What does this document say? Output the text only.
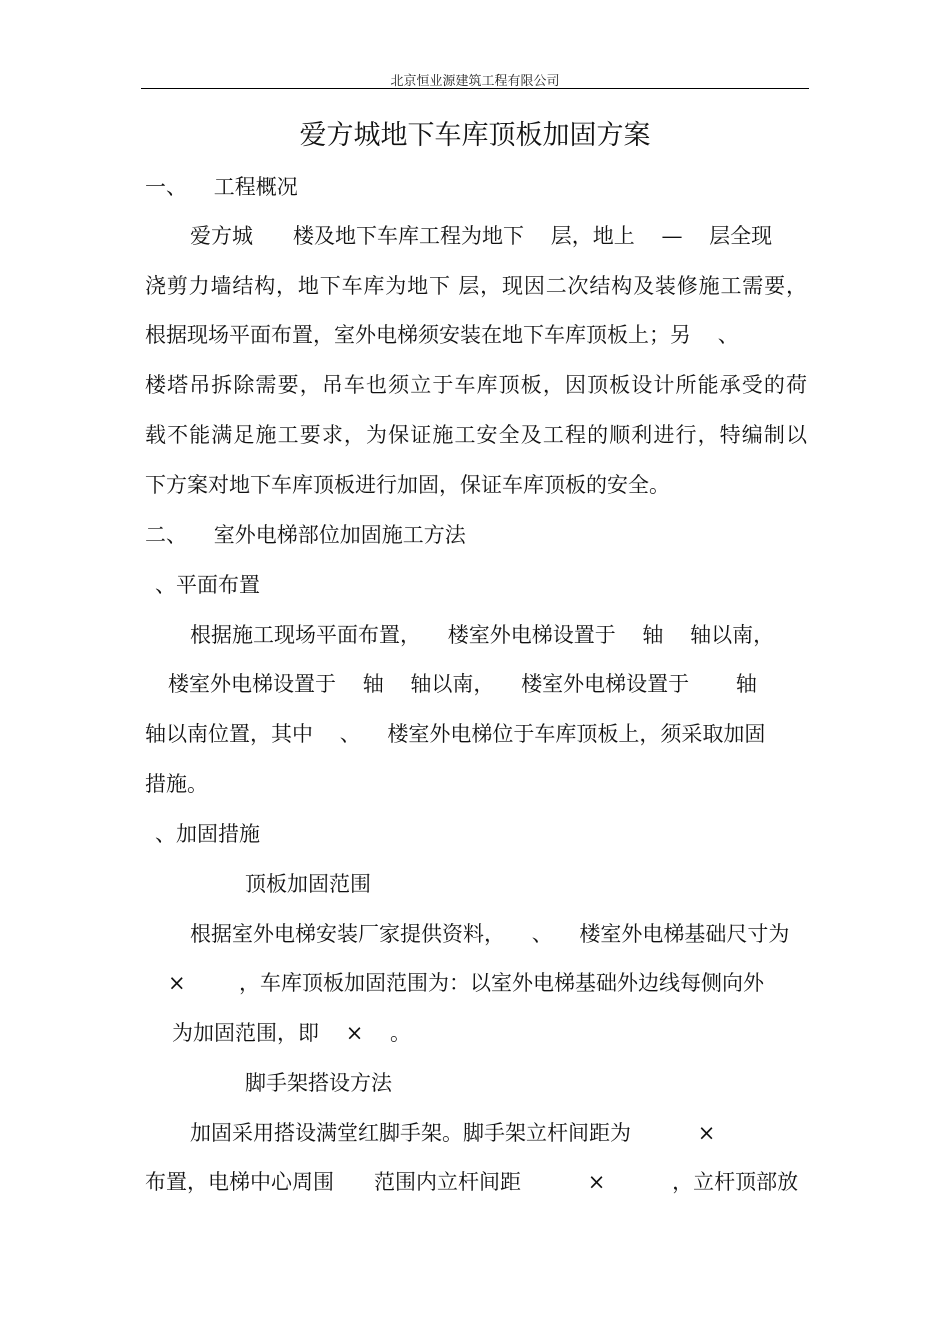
北京恒业源建筑工程有限公司
爱方城地下车库顶板加固方案
一、    工程概况
爱方城      楼及地下车库工程为地下    层，地上    —    层全现
浇剪力墙结构，地下车库为地下 层，现因二次结构及装修施工需要，
根据现场平面布置，室外电梯须安装在地下车库顶板上；另    、
楼塔吊拆除需要，吊车也须立于车库顶板，因顶板设计所能承受的荷
载不能满足施工要求，为保证施工安全及工程的顺利进行，特编制以
下方案对地下车库顶板进行加固，保证车库顶板的安全。
二、    室外电梯部位加固施工方法
、平面布置
根据施工现场平面布置，    楼室外电梯设置于    轴    轴以南，
楼室外电梯设置于    轴    轴以南，    楼室外电梯设置于       轴
轴以南位置，其中    、    楼室外电梯位于车库顶板上，须采取加固
措施。
、加固措施
顶板加固范围
根据室外电梯安装厂家提供资料，    、    楼室外电梯基础尺寸为
×        ，车库顶板加固范围为：以室外电梯基础外边线每侧向外
为加固范围，即    ×    。
脚手架搭设方法
加固采用搭设满堂红脚手架。脚手架立杆间距为          ×
布置，电梯中心周围      范围内立杆间距          ×          ，立杆顶部放
